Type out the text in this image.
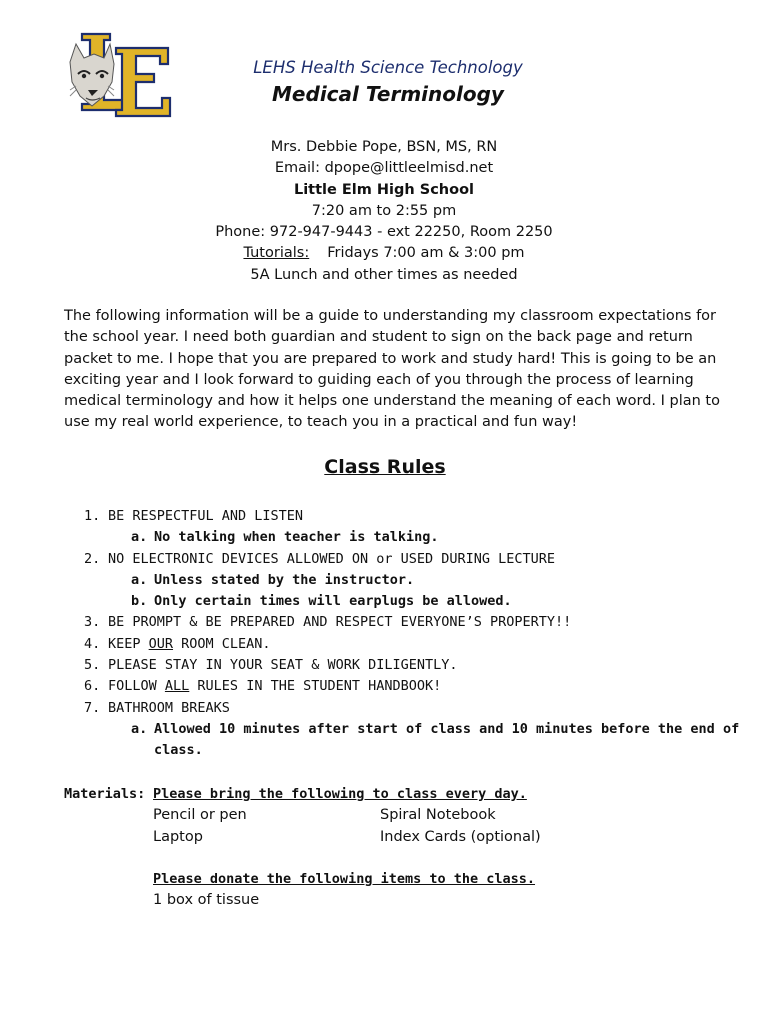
LEHS Health Science Technology
Medical Terminology
Mrs. Debbie Pope, BSN, MS, RN
Email: dpope@littleelmisd.net
Little Elm High School
7:20 am to 2:55 pm
Phone: 972-947-9443 - ext 22250, Room 2250
Tutorials: Fridays 7:00 am & 3:00 pm
5A Lunch and other times as needed

The following information will be a guide to understanding my classroom expectations for

the school year. I need both guardian and student to sign on the back page and return

packet to me. I hope that you are prepared to work and study hard! This is going to be an

exciting year and I look forward to guiding each of you through the process of learning

medical terminology and how it helps one understand the meaning of each word. I plan to

use my real world experience, to teach you in a practical and fun way!

Class Rules
1. BE RESPECTFUL AND LISTEN
a. No talking when teacher is talking.
2. NO ELECTRONIC DEVICES ALLOWED ON or USED DURING LECTURE
a. Unless stated by the instructor.
b. Only certain times will earplugs be allowed.
3. BE PROMPT & BE PREPARED AND RESPECT EVERYONE’S PROPERTY!!
4. KEEP OUR ROOM CLEAN.
5. PLEASE STAY IN YOUR SEAT & WORK DILIGENTLY.
6. FOLLOW ALL RULES IN THE STUDENT HANDBOOK!
7. BATHROOM BREAKS
a. Allowed 10 minutes after start of class and 10 minutes before the end of
class.
Materials: Please bring the following to class every day.
Pencil or pen	Spiral Notebook
Laptop	Index Cards (optional)
Please donate the following items to the class.
1 box of tissue
